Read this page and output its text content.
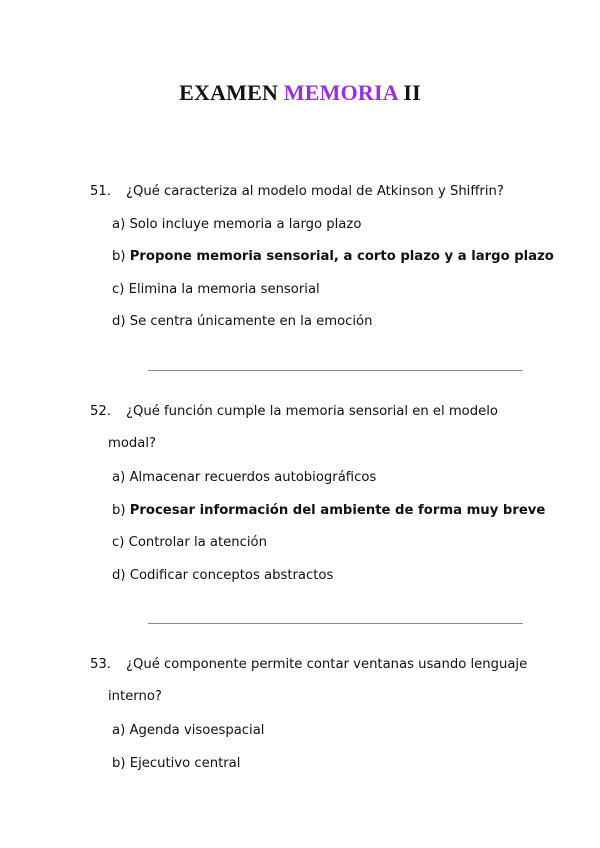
EXAMEN MEMORIA II
51. ¿Qué caracteriza al modelo modal de Atkinson y Shiffrin?
a) Solo incluye memoria a largo plazo
b) Propone memoria sensorial, a corto plazo y a largo plazo
c) Elimina la memoria sensorial
d) Se centra únicamente en la emoción
52. ¿Qué función cumple la memoria sensorial en el modelo
modal?
a) Almacenar recuerdos autobiográficos
b) Procesar información del ambiente de forma muy breve
c) Controlar la atención
d) Codificar conceptos abstractos
53. ¿Qué componente permite contar ventanas usando lenguaje
interno?
a) Agenda visoespacial
b) Ejecutivo central
